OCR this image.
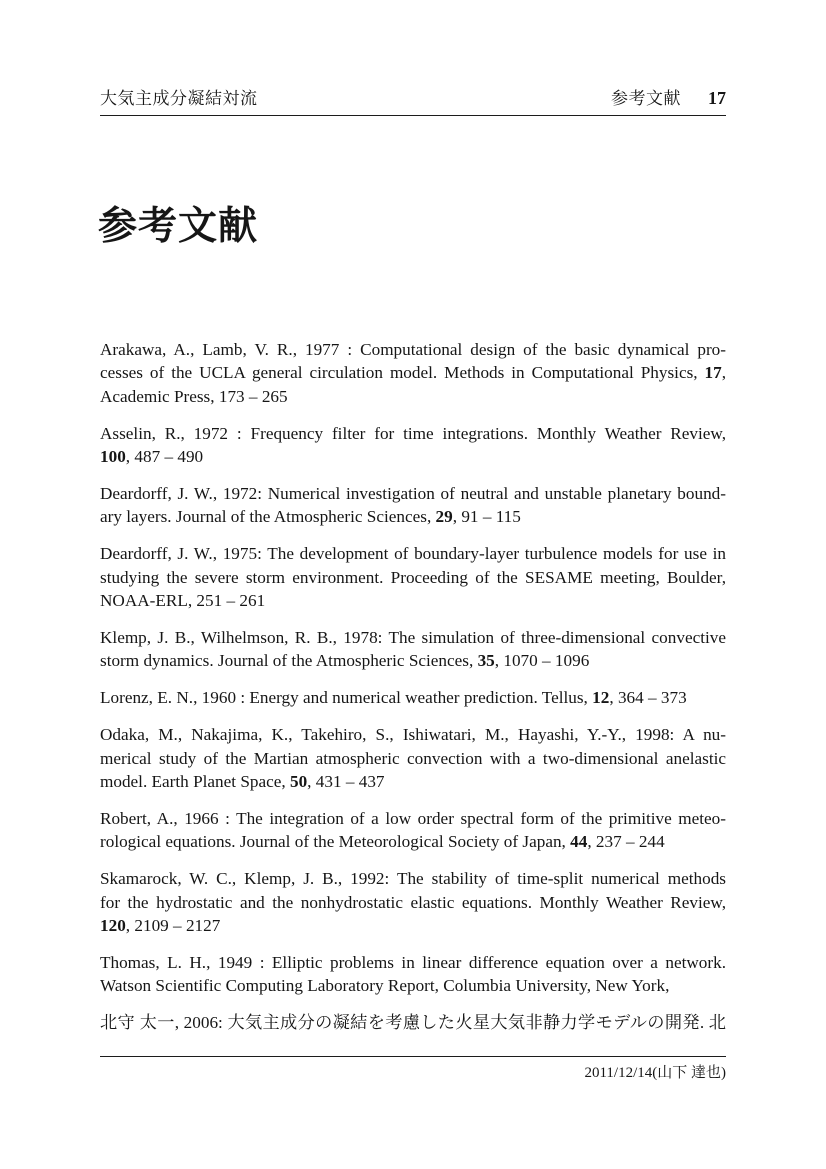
大気主成分凝結対流	参考文献 17
参考文献
Arakawa, A., Lamb, V. R., 1977 : Computational design of the basic dynamical pro-
cesses of the UCLA general circulation model. Methods in Computational Physics, 17,
Academic Press, 173 – 265
Asselin, R., 1972 : Frequency filter for time integrations. Monthly Weather Review,
100, 487 – 490
Deardorff, J. W., 1972: Numerical investigation of neutral and unstable planetary bound-
ary layers. Journal of the Atmospheric Sciences, 29, 91 – 115
Deardorff, J. W., 1975: The development of boundary-layer turbulence models for use in
studying the severe storm environment. Proceeding of the SESAME meeting, Boulder,
NOAA-ERL, 251 – 261
Klemp, J. B., Wilhelmson, R. B., 1978: The simulation of three-dimensional convective
storm dynamics. Journal of the Atmospheric Sciences, 35, 1070 – 1096
Lorenz, E. N., 1960 : Energy and numerical weather prediction. Tellus, 12, 364 – 373
Odaka, M., Nakajima, K., Takehiro, S., Ishiwatari, M., Hayashi, Y.-Y., 1998: A nu-
merical study of the Martian atmospheric convection with a two-dimensional anelastic
model. Earth Planet Space, 50, 431 – 437
Robert, A., 1966 : The integration of a low order spectral form of the primitive meteo-
rological equations. Journal of the Meteorological Society of Japan, 44, 237 – 244
Skamarock, W. C., Klemp, J. B., 1992: The stability of time-split numerical methods
for the hydrostatic and the nonhydrostatic elastic equations. Monthly Weather Review,
120, 2109 – 2127
Thomas, L. H., 1949 : Elliptic problems in linear difference equation over a network.
Watson Scientific Computing Laboratory Report, Columbia University, New York,
北守 太一, 2006: 大気主成分の凝結を考慮した火星大気非静力学モデルの開発. 北
2011/12/14(山下 達也)
